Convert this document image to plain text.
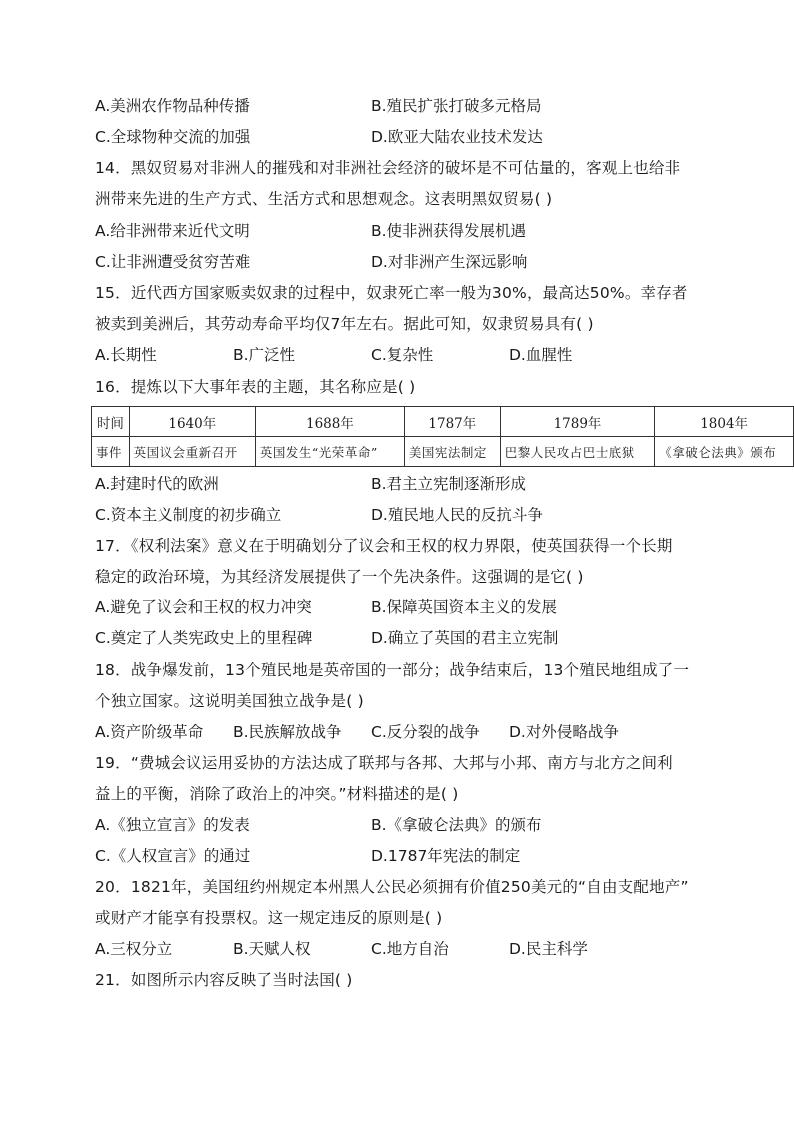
A.美洲农作物品种传播	B.殖民扩张打破多元格局
C.全球物种交流的加强	D.欧亚大陆农业技术发达
14．黑奴贸易对非洲人的摧残和对非洲社会经济的破坏是不可估量的，客观上也给非
洲带来先进的生产方式、生活方式和思想观念。这表明黑奴贸易( )
A.给非洲带来近代文明	B.使非洲获得发展机遇
C.让非洲遭受贫穷苦难	D.对非洲产生深远影响
15．近代西方国家贩卖奴隶的过程中，奴隶死亡率一般为30%，最高达50%。幸存者
被卖到美洲后，其劳动寿命平均仅7年左右。据此可知，奴隶贸易具有( )
A.长期性	B.广泛性	C.复杂性	D.血腥性
16．提炼以下大事年表的主题，其名称应是( )
时间	1640年	1688年	1787年	1789年	1804年
事件	英国议会重新召开	英国发生“光荣革命”	美国宪法制定	巴黎人民攻占巴士底狱	《拿破仑法典》颁布
A.封建时代的欧洲	B.君主立宪制逐渐形成
C.资本主义制度的初步确立	D.殖民地人民的反抗斗争
17．《权利法案》意义在于明确划分了议会和王权的权力界限，使英国获得一个长期
稳定的政治环境，为其经济发展提供了一个先决条件。这强调的是它( )
A.避免了议会和王权的权力冲突	B.保障英国资本主义的发展
C.奠定了人类宪政史上的里程碑	D.确立了英国的君主立宪制
18．战争爆发前，13个殖民地是英帝国的一部分；战争结束后，13个殖民地组成了一
个独立国家。这说明美国独立战争是( )
A.资产阶级革命 B.民族解放战争 C.反分裂的战争 D.对外侵略战争
19．“费城会议运用妥协的方法达成了联邦与各邦、大邦与小邦、南方与北方之间利
益上的平衡，消除了政治上的冲突。”材料描述的是( )
A.《独立宣言》的发表	B.《拿破仑法典》的颁布
C.《人权宣言》的通过	D.1787年宪法的制定
20．1821年，美国纽约州规定本州黑人公民必须拥有价值250美元的“自由支配地产”
或财产才能享有投票权。这一规定违反的原则是( )
A.三权分立	B.天赋人权	C.地方自治	D.民主科学
21．如图所示内容反映了当时法国( )
